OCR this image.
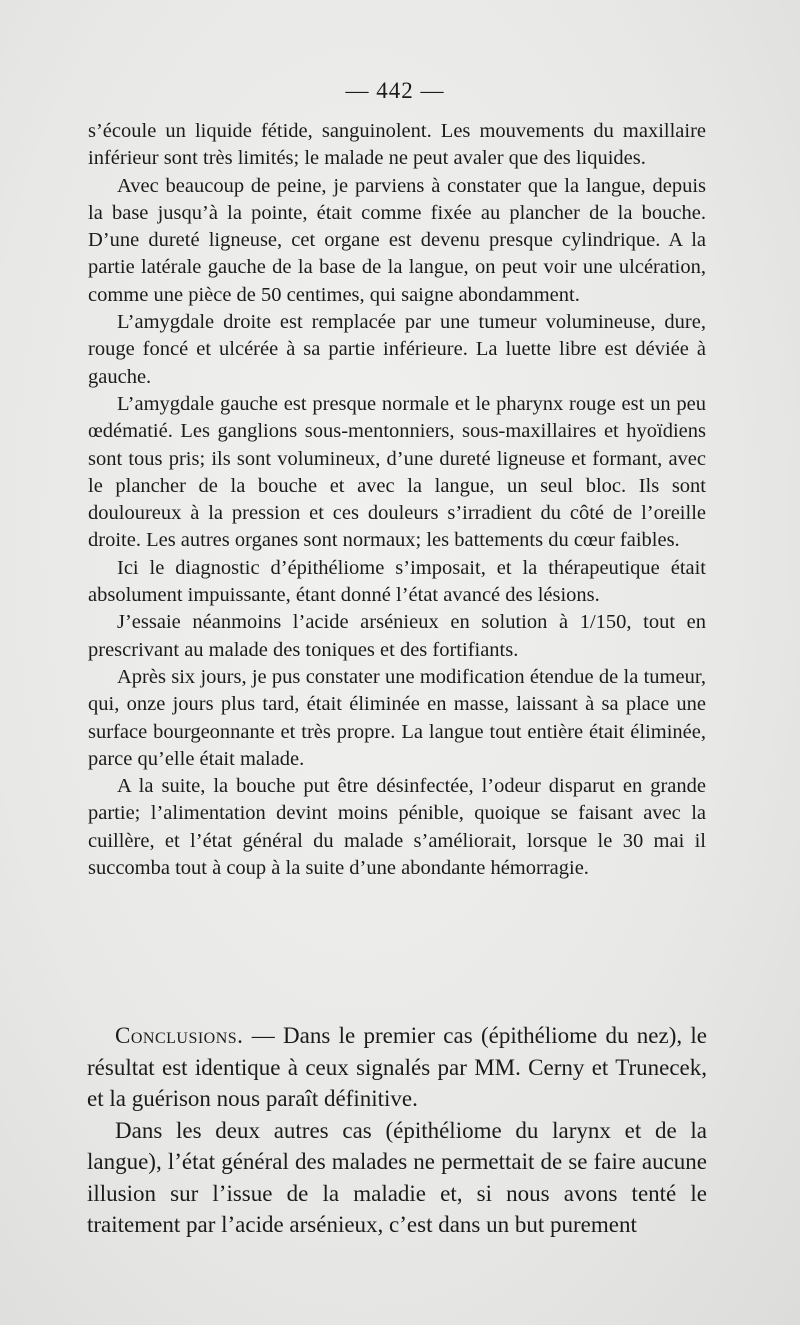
— 442 —

s’écoule un liquide fétide, sanguinolent. Les mouvements du maxillaire inférieur sont très limités; le malade ne peut avaler que des liquides.

Avec beaucoup de peine, je parviens à constater que la langue, depuis la base jusqu’à la pointe, était comme fixée au plancher de la bouche. D’une dureté ligneuse, cet organe est devenu presque cylindrique. A la partie latérale gauche de la base de la langue, on peut voir une ulcération, comme une pièce de 50 centimes, qui saigne abondamment.

L’amygdale droite est remplacée par une tumeur volumineuse, dure, rouge foncé et ulcérée à sa partie inférieure. La luette libre est déviée à gauche.

L’amygdale gauche est presque normale et le pharynx rouge est un peu œdématié. Les ganglions sous-mentonniers, sous-maxillaires et hyoïdiens sont tous pris; ils sont volumineux, d’une dureté ligneuse et formant, avec le plancher de la bouche et avec la langue, un seul bloc. Ils sont douloureux à la pression et ces douleurs s’irradient du côté de l’oreille droite. Les autres organes sont normaux; les battements du cœur faibles.

Ici le diagnostic d’épithéliome s’imposait, et la thérapeutique était absolument impuissante, étant donné l’état avancé des lésions.

J’essaie néanmoins l’acide arsénieux en solution à 1/150, tout en prescrivant au malade des toniques et des fortifiants.

Après six jours, je pus constater une modification étendue de la tumeur, qui, onze jours plus tard, était éliminée en masse, laissant à sa place une surface bourgeonnante et très propre. La langue tout entière était éliminée, parce qu’elle était malade.

A la suite, la bouche put être désinfectée, l’odeur disparut en grande partie; l’alimentation devint moins pénible, quoique se faisant avec la cuillère, et l’état général du malade s’améliorait, lorsque le 30 mai il succomba tout à coup à la suite d’une abondante hémorragie.

Conclusions. — Dans le premier cas (épithéliome du nez), le résultat est identique à ceux signalés par MM. Cerny et Trunecek, et la guérison nous paraît définitive.

Dans les deux autres cas (épithéliome du larynx et de la langue), l’état général des malades ne permettait de se faire aucune illusion sur l’issue de la maladie et, si nous avons tenté le traitement par l’acide arsénieux, c’est dans un but purement
